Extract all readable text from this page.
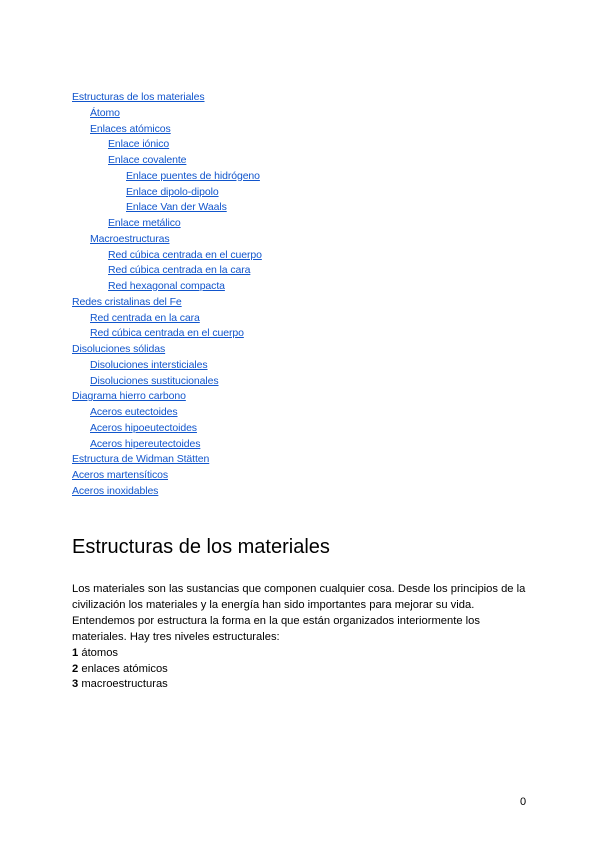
Estructuras de los materiales
Átomo
Enlaces atómicos
Enlace iónico
Enlace covalente
Enlace puentes de hidrógeno
Enlace dipolo-dipolo
Enlace Van der Waals
Enlace metálico
Macroestructuras
Red cúbica centrada en el cuerpo
Red cúbica centrada en la cara
Red hexagonal compacta
Redes cristalinas del Fe
Red centrada en la cara
Red cúbica centrada en el cuerpo
Disoluciones sólidas
Disoluciones intersticiales
Disoluciones sustitucionales
Diagrama hierro carbono
Aceros eutectoides
Aceros hipoeutectoides
Aceros hipereutectoides
Estructura de Widman Stätten
Aceros martensíticos
Aceros inoxidables
Estructuras de los materiales

Los materiales son las sustancias que componen cualquier cosa. Desde los principios de la civilización los materiales y la energía han sido importantes para mejorar su vida. Entendemos por estructura la forma en la que están organizados interiormente los materiales. Hay tres niveles estructurales:

1 átomos
2 enlaces atómicos
3 macroestructuras
0
